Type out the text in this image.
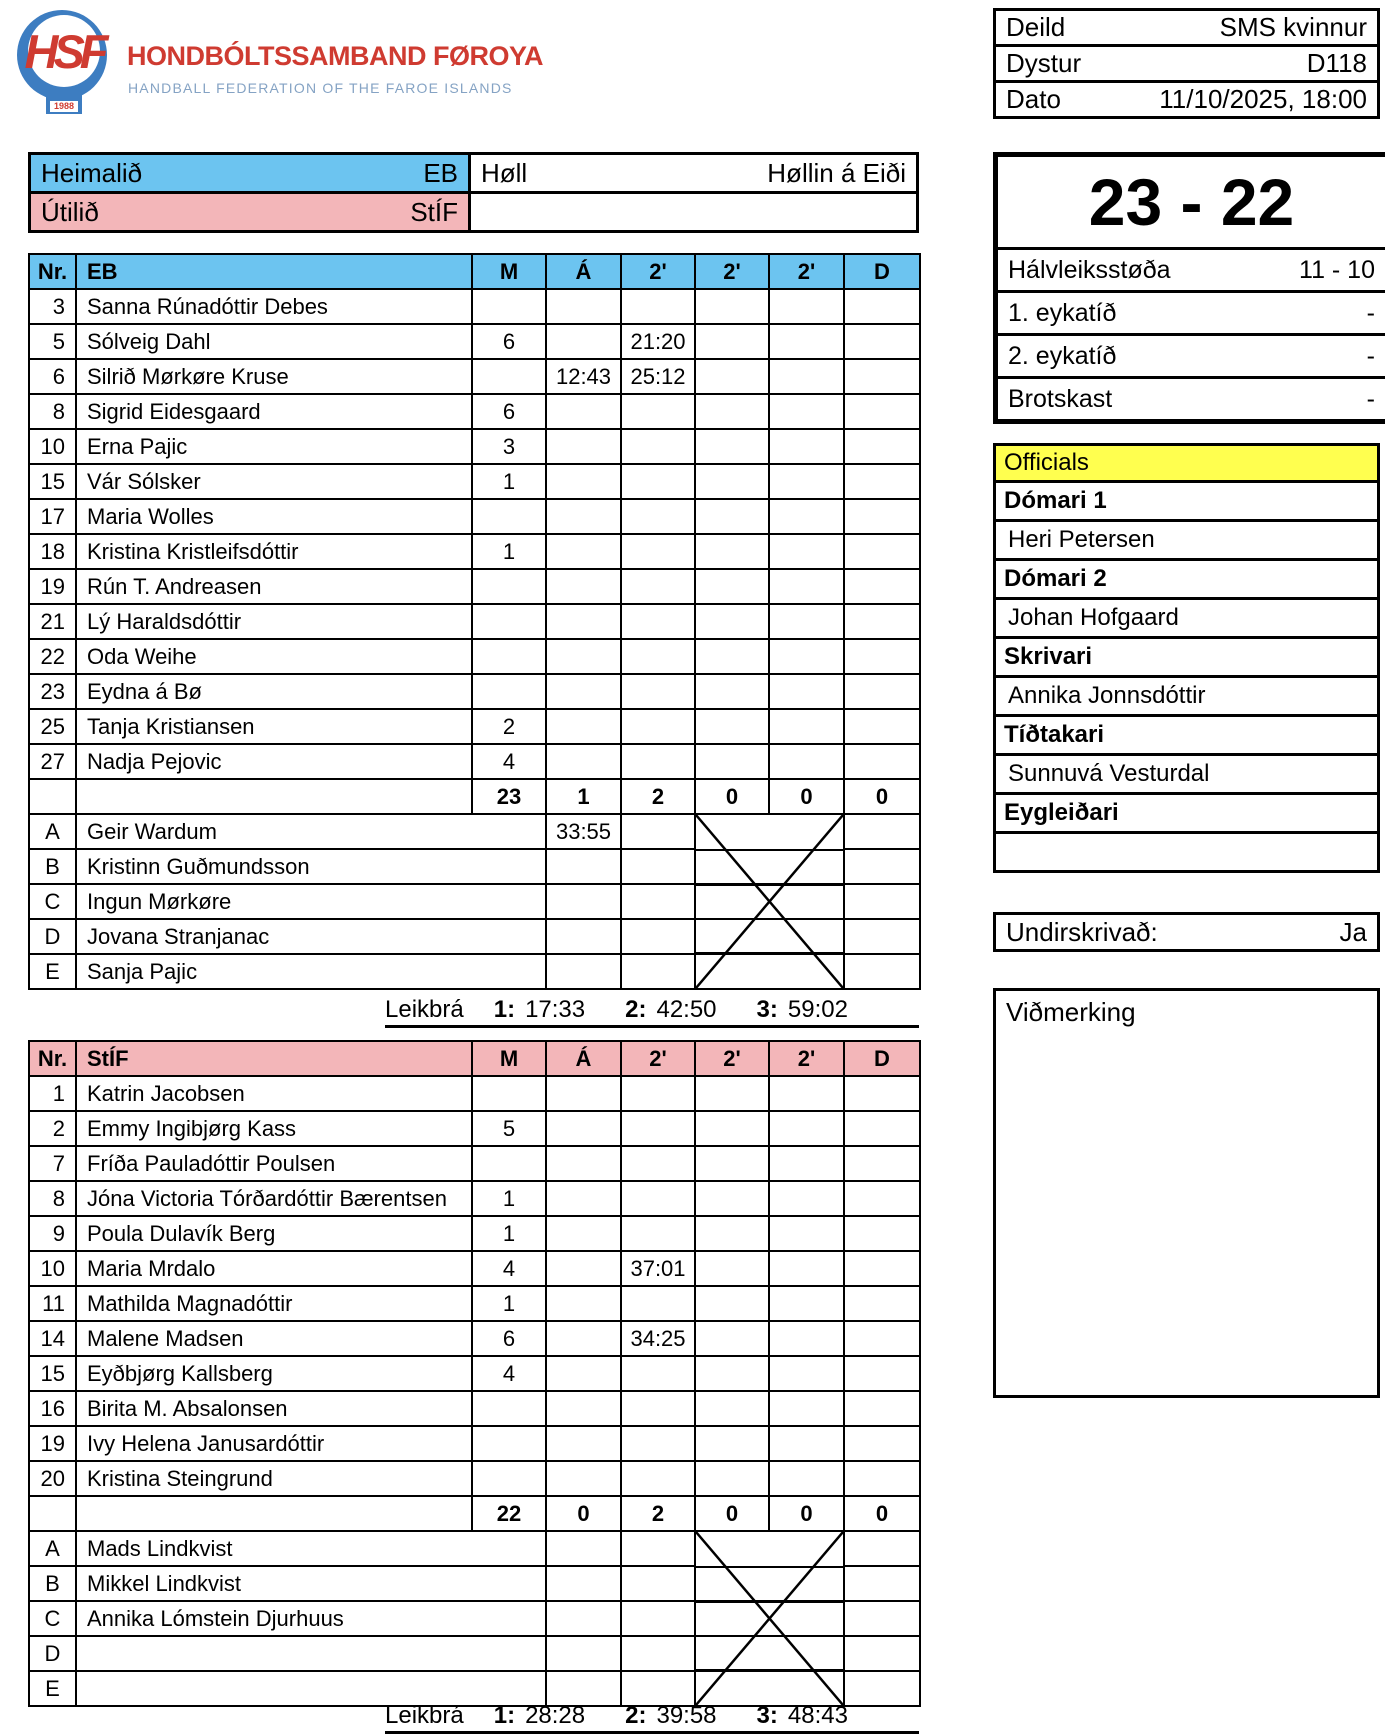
HSF
1988
HONDBÓLTSSAMBAND FØROYA
HANDBALL FEDERATION OF THE FAROE ISLANDS
Deild	SMS kvinnur
Dystur	D118
Dato	11/10/2025, 18:00
Heimalið	EB Høll	Høllin á Eiði
Útilið	StÍF	23 - 22
Hálvleiksstøða	11 - 10
1. eykatíð	-
2. eykatíð	-
Brotskast	-
Officials
Dómari 1
Heri Petersen
Dómari 2
Johan Hofgaard
Skrivari
Annika Jonnsdóttir
Tíðtakari
Sunnuvá Vesturdal
Eygleiðari
Undirskrivað:	Ja
Viðmerking
Nr.	EB	M	Á	2'	2'	2'	D
3	Sanna Rúnadóttir Debes						
5	Sólveig Dahl	6		21:20			
6	Silrið Mørkøre Kruse		12:43	25:12			
8	Sigrid Eidesgaard	6					
10	Erna Pajic	3					
15	Vár Sólsker	1					
17	Maria Wolles						
18	Kristina Kristleifsdóttir	1					
19	Rún T. Andreasen						
21	Lý Haraldsdóttir						
22	Oda Weihe						
23	Eydna á Bø						
25	Tanja Kristiansen	2					
27	Nadja Pejovic	4					
		23	1	2	0	0	0
A	Geir Wardum		33:55		

B	Kristinn Guðmundsson						
C	Ingun Mørkøre						
D	Jovana Stranjanac						
E	Sanja Pajic						
Leikbrá 1: 17:33 2: 42:50 3: 59:02
Nr.	StÍF	M	Á	2'	2'	2'	D
1	Katrin Jacobsen						
2	Emmy Ingibjørg Kass	5					
7	Fríða Pauladóttir Poulsen						
8	Jóna Victoria Tórðardóttir Bærentsen	1					
9	Poula Dulavík Berg	1					
10	Maria Mrdalo	4		37:01			
11	Mathilda Magnadóttir	1					
14	Malene Madsen	6		34:25			
15	Eyðbjørg Kallsberg	4					
16	Birita M. Absalonsen						
19	Ivy Helena Janusardóttir						
20	Kristina Steingrund						
		22	0	2	0	0	0
A	Mads Lindkvist			

B	Mikkel Lindkvist						
C	Annika Lómstein Djurhuus						
D							
E							
Leikbrá 1: 28:28 2: 39:58 3: 48:43
